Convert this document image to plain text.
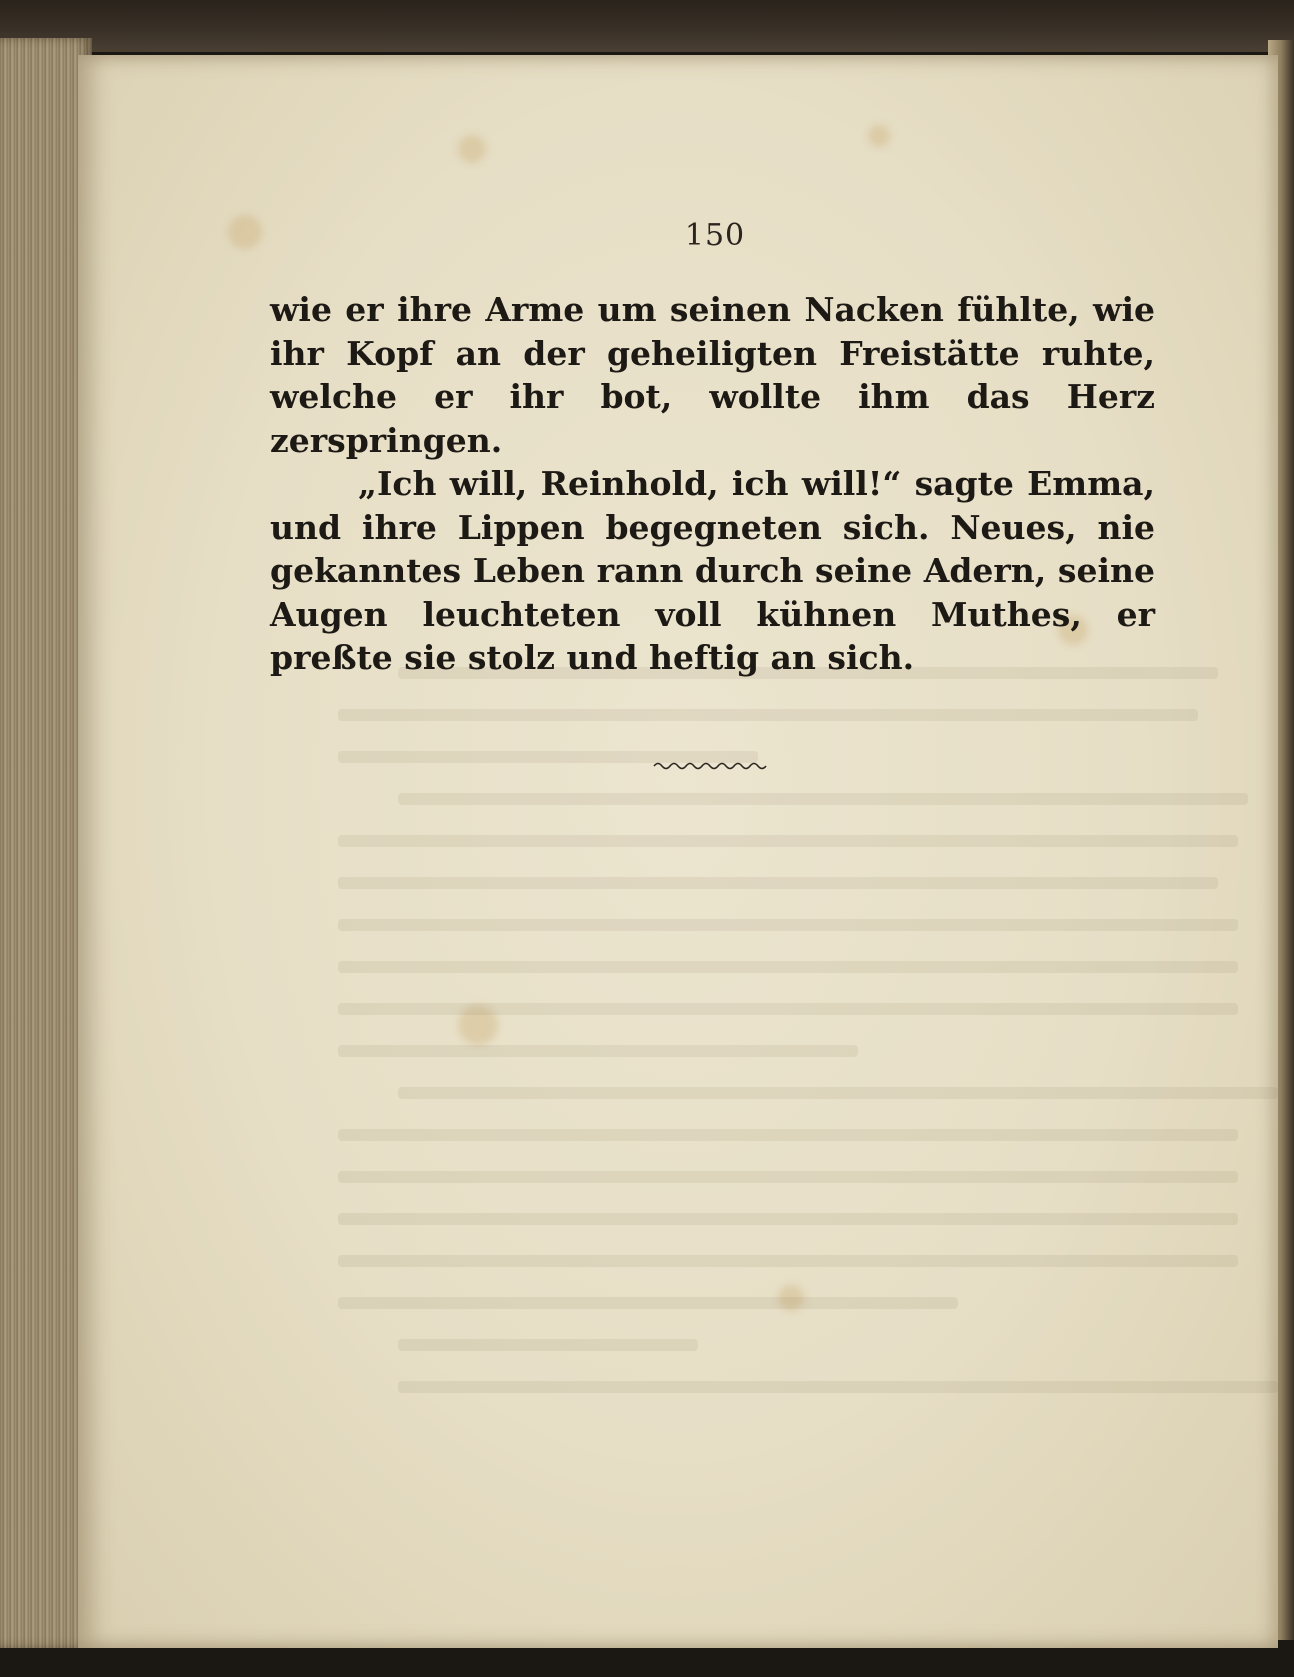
150

wie er ihre Arme um seinen Nacken fühlte, wie ihr Kopf an der geheiligten Freistätte ruhte, welche er ihr bot, wollte ihm das Herz zerspringen.

„Ich will, Reinhold, ich will!“ sagte Emma, und ihre Lippen begegneten sich. Neues, nie gekanntes Leben rann durch seine Adern, seine Augen leuchteten voll kühnen Muthes, er preßte sie stolz und heftig an sich.
